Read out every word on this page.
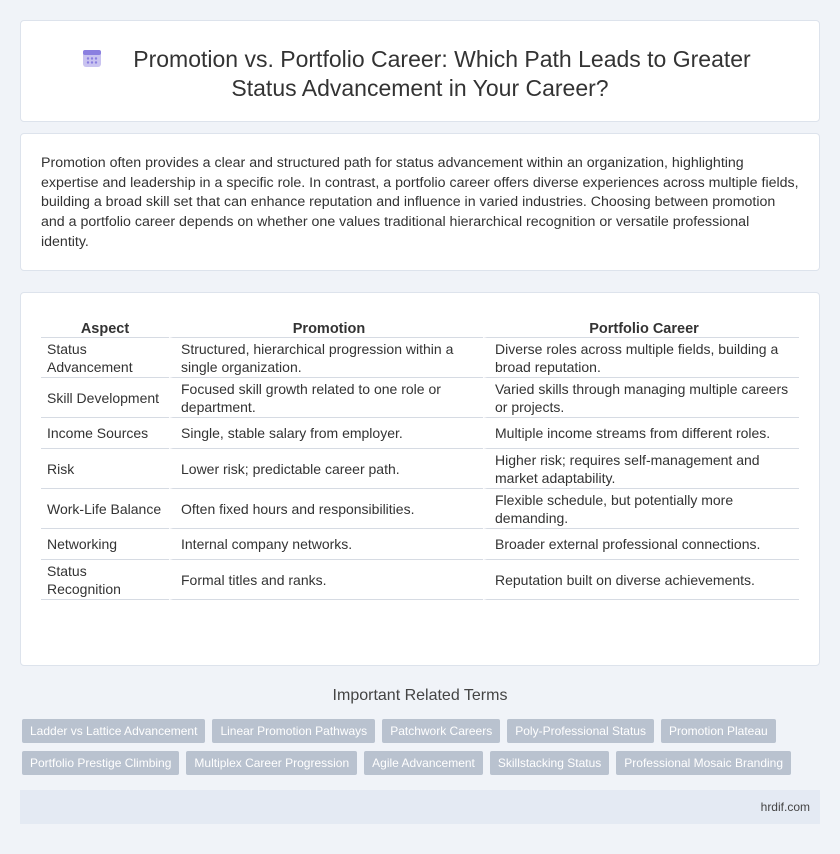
Promotion vs. Portfolio Career: Which Path Leads to Greater
Status Advancement in Your Career?

Promotion often provides a clear and structured path for status advancement within an organization, highlighting expertise and leadership in a specific role. In contrast, a portfolio career offers diverse experiences across multiple fields, building a broad skill set that can enhance reputation and influence in varied industries. Choosing between promotion and a portfolio career depends on whether one values traditional hierarchical recognition or versatile professional identity.

Aspect	Promotion	Portfolio Career
Status Advancement	Structured, hierarchical progression within a single organization.	Diverse roles across multiple fields, building a broad reputation.
Skill Development	Focused skill growth related to one role or department.	Varied skills through managing multiple careers or projects.
Income Sources	Single, stable salary from employer.	Multiple income streams from different roles.
Risk	Lower risk; predictable career path.	Higher risk; requires self-management and market adaptability.
Work-Life Balance	Often fixed hours and responsibilities.	Flexible schedule, but potentially more demanding.
Networking	Internal company networks.	Broader external professional connections.
Status Recognition	Formal titles and ranks.	Reputation built on diverse achievements.
Important Related Terms
Ladder vs Lattice Advancement	Linear Promotion Pathways	Patchwork Careers	Poly-Professional Status	Promotion Plateau
Portfolio Prestige Climbing	Multiplex Career Progression	Agile Advancement	Skillstacking Status	Professional Mosaic Branding
hrdif.com
